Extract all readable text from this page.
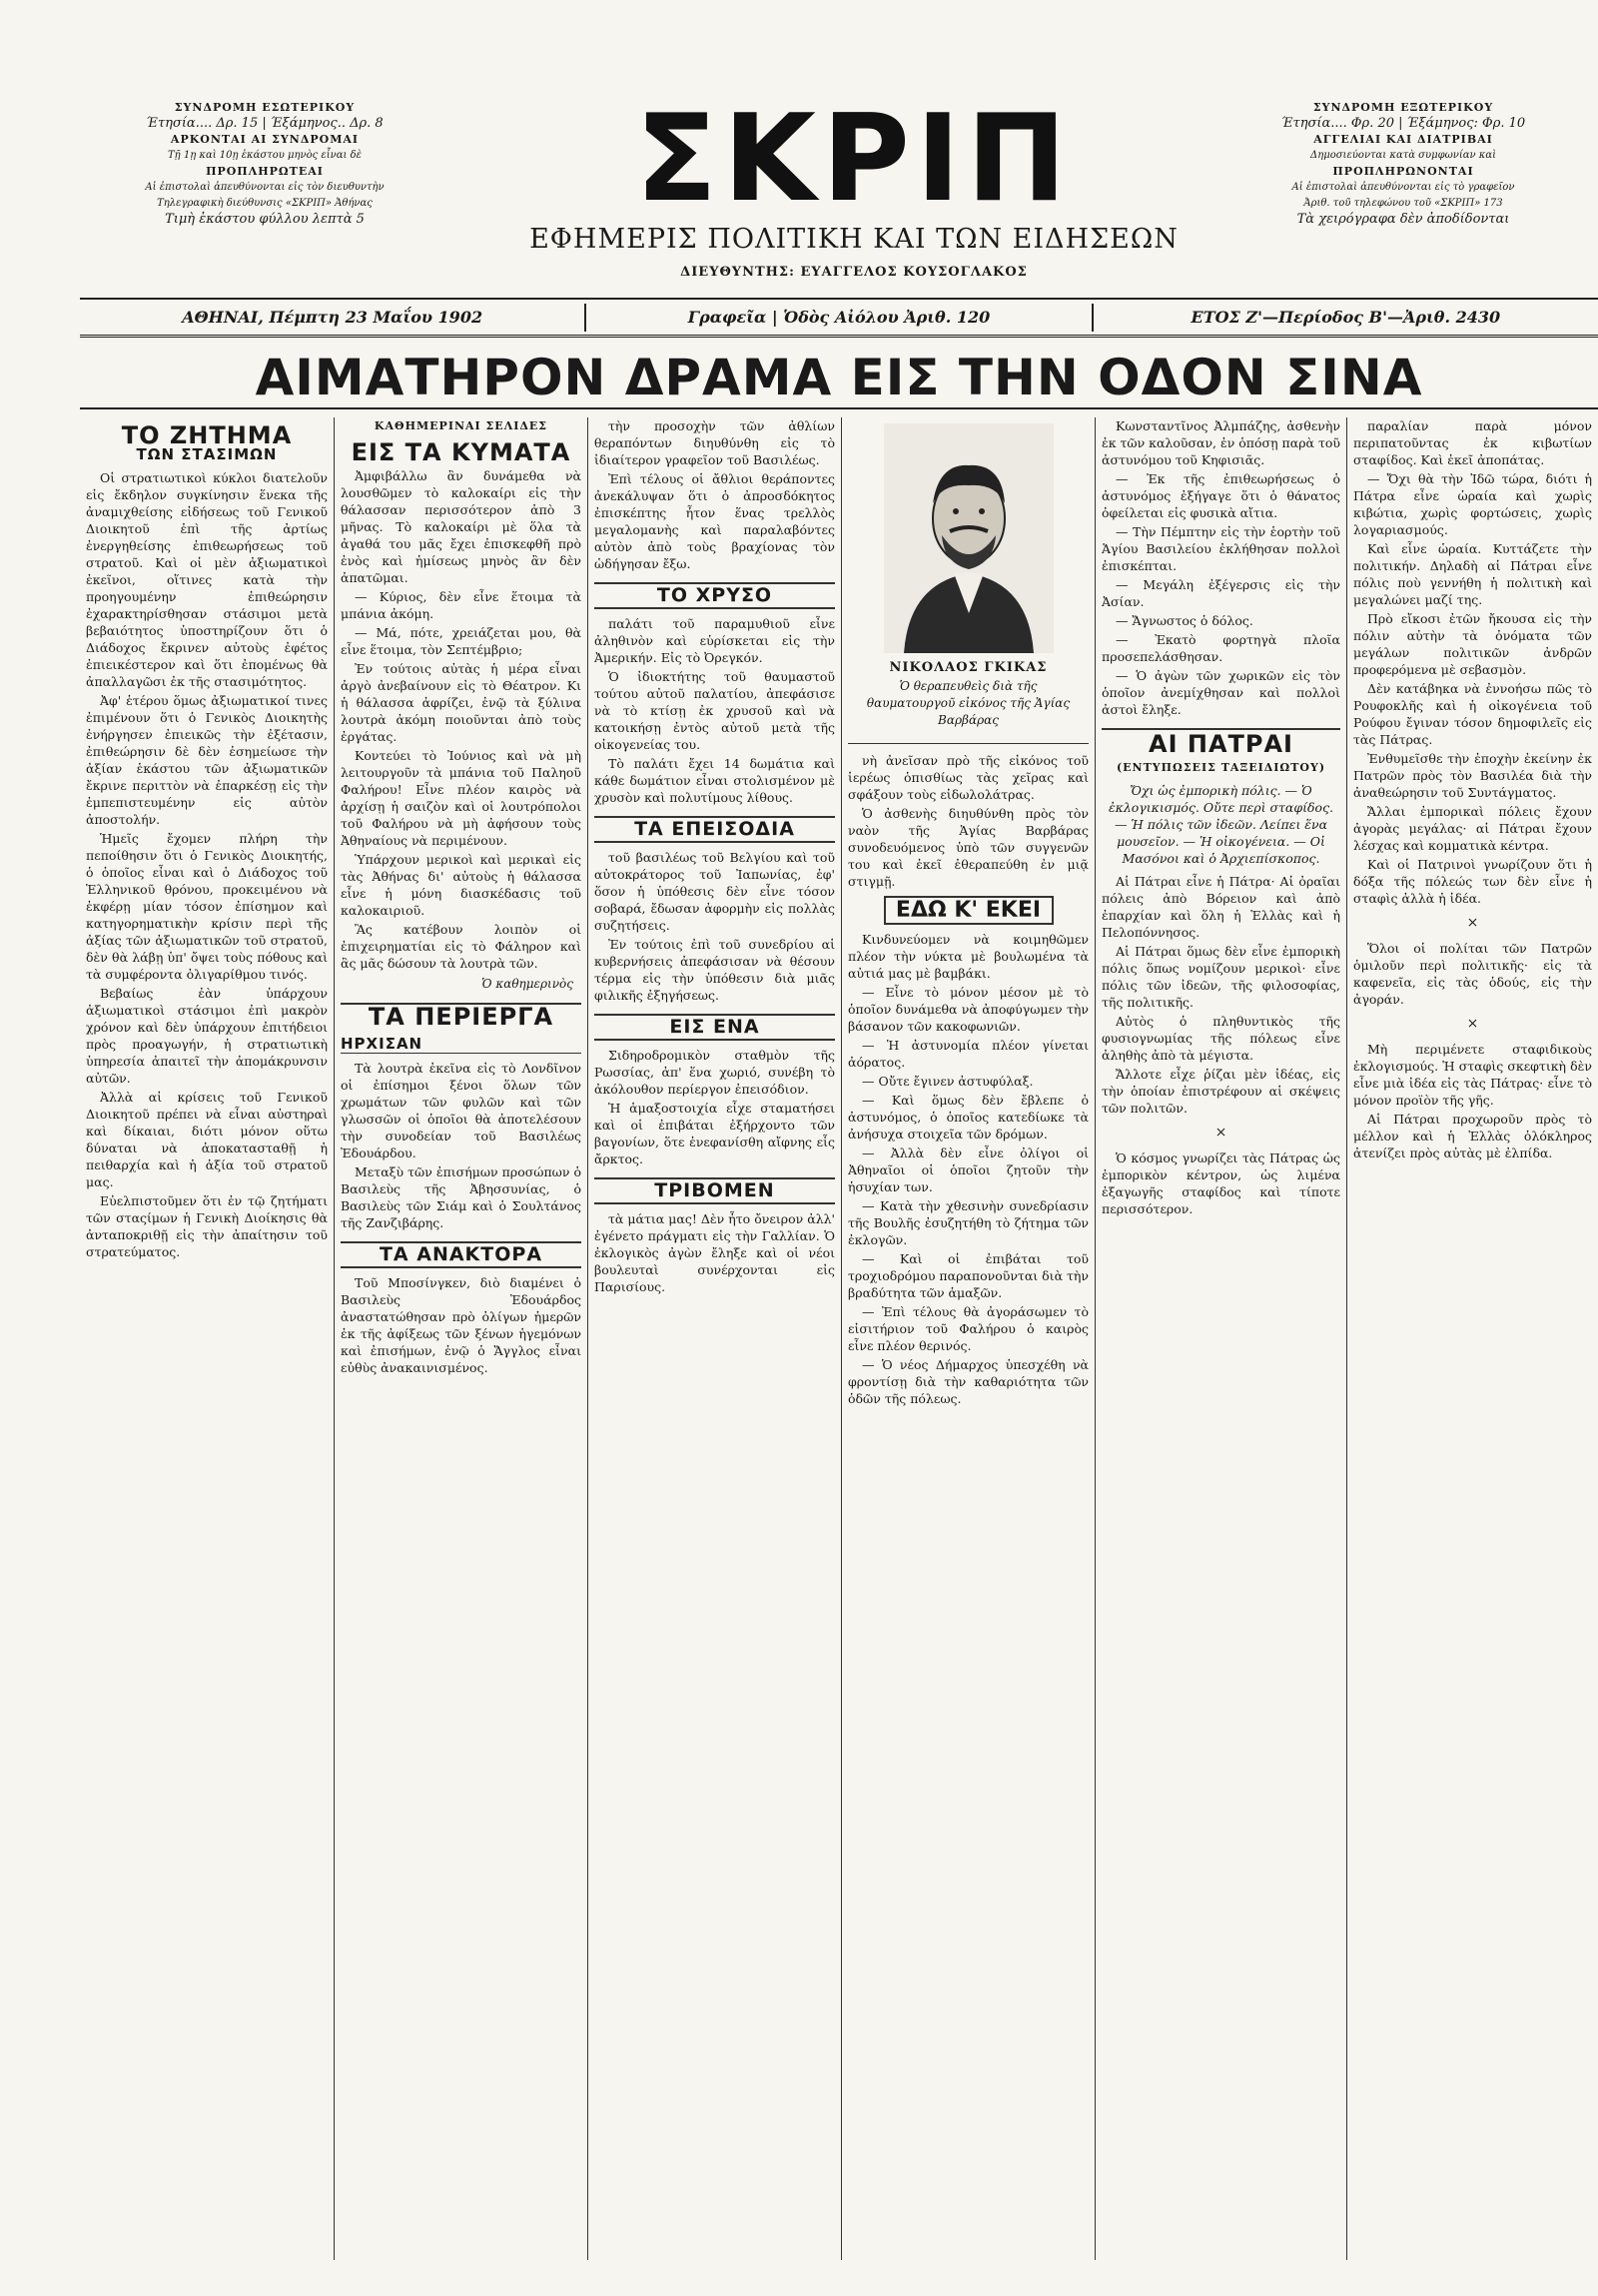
ΣΥΝΔΡΟΜΗ ΕΣΩΤΕΡΙΚΟΥ
Έτησία.... Δρ. 15 | Έξάμηνος.. Δρ. 8
ΑΡΚΟΝΤΑΙ ΑΙ ΣΥΝΔΡΟΜΑΙ
Τῇ 1ῃ καὶ 10ῃ ἑκάστου μηνὸς εἶναι δὲ
ΠΡΟΠΛΗΡΩΤΕΑΙ
Αἱ ἐπιστολαὶ ἀπευθύνονται εἰς τὸν διευθυντὴν
Τηλεγραφικὴ διεύθυνσις «ΣΚΡΙΠ» Ἀθήνας
Τιμὴ ἑκάστου φύλλου λεπτὰ 5	ΣΚΡΙΠ
ΕΦΗΜΕΡΙΣ ΠΟΛΙΤΙΚΗ ΚΑΙ ΤΩΝ ΕΙΔΗΣΕΩΝ
ΔΙΕΥΘΥΝΤΗΣ: ΕΥΑΓΓΕΛΟΣ ΚΟΥΣΟΓΛΑΚΟΣ
ΣΥΝΔΡΟΜΗ ΕΞΩΤΕΡΙΚΟΥ
Έτησία.... Φρ. 20 | Έξάμηνος: Φρ. 10
ΑΓΓΕΛΙΑΙ ΚΑΙ ΔΙΑΤΡΙΒΑΙ
Δημοσιεύονται κατὰ συμφωνίαν καὶ
ΠΡΟΠΛΗΡΩΝΟΝΤΑΙ
Αἱ ἐπιστολαὶ ἀπευθύνονται εἰς τὸ γραφεῖον
Ἀριθ. τοῦ τηλεφώνου τοῦ «ΣΚΡΙΠ» 173
Τὰ χειρόγραφα δὲν ἀποδίδονται
ΑΘΗΝΑΙ, Πέμπτη 23 Μαΐου 1902	Γραφεῖα | Ὁδὸς Αἰόλου Ἀριθ. 120	ΕΤΟΣ Ζ'—Περίοδος Β'—Ἀριθ. 2430
ΑΙΜΑΤΗΡΟΝ ΔΡΑΜΑ ΕΙΣ ΤΗΝ ΟΔΟΝ ΣΙΝΑ
ΤΟ ΖΗΤΗΜΑ
ΤΩΝ ΣΤΑΣΙΜΩΝ

Οἱ στρατιωτικοὶ κύκλοι διατελοῦν εἰς ἔκδηλον συγκίνησιν ἕνεκα τῆς ἀναμιχθείσης εἰδήσεως τοῦ Γενικοῦ Διοικητοῦ ἐπὶ τῆς ἀρτίως ἐνεργηθείσης ἐπιθεωρήσεως τοῦ στρατοῦ. Καὶ οἱ μὲν ἀξιωματικοὶ ἐκεῖνοι, οἵτινες κατὰ τὴν προηγουμένην ἐπιθεώρησιν ἐχαρακτηρίσθησαν στάσιμοι μετὰ βεβαιότητος ὑποστηρίζουν ὅτι ὁ Διάδοχος ἔκρινεν αὐτοὺς ἐφέτος ἐπιεικέστερον καὶ ὅτι ἐπομένως θὰ ἀπαλλαγῶσι ἐκ τῆς στασιμότητος.

Ἀφ' ἑτέρου ὅμως ἀξιωματικοί τινες ἐπιμένουν ὅτι ὁ Γενικὸς Διοικητὴς ἐνήργησεν ἐπιεικῶς τὴν ἐξέτασιν, ἐπιθεώρησιν δὲ δὲν ἐσημείωσε τὴν ἀξίαν ἑκάστου τῶν ἀξιωματικῶν ἔκρινε περιττὸν νὰ ἐπαρκέσῃ εἰς τὴν ἐμπεπιστευμένην εἰς αὐτὸν ἀποστολήν.

Ἡμεῖς ἔχομεν πλήρη τὴν πεποίθησιν ὅτι ὁ Γενικὸς Διοικητής, ὁ ὁποῖος εἶναι καὶ ὁ Διάδοχος τοῦ Ἑλληνικοῦ θρόνου, προκειμένου νὰ ἐκφέρῃ μίαν τόσον ἐπίσημον καὶ κατηγορηματικὴν κρίσιν περὶ τῆς ἀξίας τῶν ἀξιωματικῶν τοῦ στρατοῦ, δὲν θὰ λάβῃ ὑπ' ὄψει τοὺς πόθους καὶ τὰ συμφέροντα ὀλιγαρίθμου τινός.

Βεβαίως ἐὰν ὑπάρχουν ἀξιωματικοὶ στάσιμοι ἐπὶ μακρὸν χρόνον καὶ δὲν ὑπάρχουν ἐπιτήδειοι πρὸς προαγωγήν, ἡ στρατιωτικὴ ὑπηρεσία ἀπαιτεῖ τὴν ἀπομάκρυνσιν αὐτῶν.

Ἀλλὰ αἱ κρίσεις τοῦ Γενικοῦ Διοικητοῦ πρέπει νὰ εἶναι αὐστηραὶ καὶ δίκαιαι, διότι μόνον οὕτω δύναται νὰ ἀποκατασταθῇ ἡ πειθαρχία καὶ ἡ ἀξία τοῦ στρατοῦ μας.

Εὐελπιστοῦμεν ὅτι ἐν τῷ ζητήματι τῶν σταςίμων ἡ Γενικὴ Διοίκησις θὰ ἀνταποκριθῇ εἰς τὴν ἀπαίτησιν τοῦ στρατεύματος.

ΚΑΘΗΜΕΡΙΝΑΙ ΣΕΛΙΔΕΣ
ΕΙΣ ΤΑ ΚΥΜΑΤΑ

Ἀμφιβάλλω ἂν δυνάμεθα νὰ λουσθῶμεν τὸ καλοκαίρι εἰς τὴν θάλασσαν περισσότερον ἀπὸ 3 μῆνας. Τὸ καλοκαίρι μὲ ὅλα τὰ ἀγαθά του μᾶς ἔχει ἐπισκεφθῆ πρὸ ἐνὸς καὶ ἡμίσεως μηνὸς ἂν δὲν ἀπατῶμαι.

— Κύριος, δὲν εἶνε ἕτοιμα τὰ μπάνια ἀκόμη.

— Μά, πότε, χρειάζεται μου, θὰ εἶνε ἕτοιμα, τὸν Σεπτέμβριο;

Ἐν τούτοις αὐτὰς ἡ μέρα εἶναι ἀργὸ ἀνεβαίνουν εἰς τὸ Θέατρον. Κι ἡ θάλασσα ἀφρίζει, ἐνῷ τὰ ξύλινα λουτρὰ ἀκόμη ποιοῦνται ἀπὸ τοὺς ἐργάτας.

Κοντεύει τὸ Ἰούνιος καὶ νὰ μὴ λειτουργοῦν τὰ μπάνια τοῦ Παληοῦ Φαλήρου! Εἶνε πλέον καιρὸς νὰ ἀρχίσῃ ἡ σαιζὸν καὶ οἱ λουτρόπολοι τοῦ Φαλήρου νὰ μὴ ἀφήσουν τοὺς Ἀθηναίους νὰ περιμένουν.

Ὑπάρχουν μερικοὶ καὶ μερικαὶ εἰς τὰς Ἀθήνας δι' αὐτοὺς ἡ θάλασσα εἶνε ἡ μόνη διασκέδασις τοῦ καλοκαιριοῦ.

Ἂς κατέβουν λοιπὸν οἱ ἐπιχειρηματίαι εἰς τὸ Φάληρον καὶ ἂς μᾶς δώσουν τὰ λουτρὰ τῶν.

Ὁ καθημερινὸς
ΤΑ ΠΕΡΙΕΡΓΑ
ΗΡΧΙΣΑΝ

Τὰ λουτρὰ ἐκεῖνα εἰς τὸ Λονδῖνον οἱ ἐπίσημοι ξένοι ὅλων τῶν χρωμάτων τῶν φυλῶν καὶ τῶν γλωσσῶν οἱ ὁποῖοι θὰ ἀποτελέσουν τὴν συνοδείαν τοῦ Βασιλέως Ἐδουάρδου.

Μεταξὺ τῶν ἐπισήμων προσώπων ὁ Βασιλεὺς τῆς Ἀβησσυνίας, ὁ Βασιλεὺς τῶν Σιάμ καὶ ὁ Σουλτάνος τῆς Ζανζιβάρης.

ΤΑ ΑΝΑΚΤΟΡΑ

Τοῦ Μποσίνγκεν, διὸ διαμένει ὁ Βασιλεὺς Ἐδουάρδος ἀναστατώθησαν πρὸ ὀλίγων ἡμερῶν ἐκ τῆς ἀφίξεως τῶν ξένων ἡγεμόνων καὶ ἐπισήμων, ἐνῷ ὁ Ἄγγλος εἶναι εὐθὺς ἀνακαινισμένος.

τὴν προσοχὴν τῶν ἀθλίων θεραπόντων διηυθύνθη εἰς τὸ ἰδιαίτερον γραφεῖον τοῦ Βασιλέως.

Ἐπὶ τέλους οἱ ἄθλιοι θεράποντες ἀνεκάλυψαν ὅτι ὁ ἀπροσδόκητος ἐπισκέπτης ἦτον ἕνας τρελλὸς μεγαλομανὴς καὶ παραλαβόντες αὐτὸν ἀπὸ τοὺς βραχίονας τὸν ὡδήγησαν ἔξω.

ΤΟ ΧΡΥΣΟ

παλάτι τοῦ παραμυθιοῦ εἶνε ἀληθινὸν καὶ εὑρίσκεται εἰς τὴν Ἀμερικήν. Εἰς τὸ Ὀρεγκόν.

Ὁ ἰδιοκτήτης τοῦ θαυμαστοῦ τούτου αὐτοῦ παλατίου, ἀπεφάσισε νὰ τὸ κτίσῃ ἐκ χρυσοῦ καὶ νὰ κατοικήσῃ ἐντὸς αὐτοῦ μετὰ τῆς οἰκογενείας του.

Τὸ παλάτι ἔχει 14 δωμάτια καὶ κάθε δωμάτιον εἶναι στολισμένον μὲ χρυσὸν καὶ πολυτίμους λίθους.

ΤΑ ΕΠΕΙΣΟΔΙΑ

τοῦ βασιλέως τοῦ Βελγίου καὶ τοῦ αὐτοκράτορος τοῦ Ἰαπωνίας, ἐφ' ὅσον ἡ ὑπόθεσις δὲν εἶνε τόσον σοβαρά, ἔδωσαν ἀφορμὴν εἰς πολλὰς συζητήσεις.

Ἐν τούτοις ἐπὶ τοῦ συνεδρίου αἱ κυβερνήσεις ἀπεφάσισαν νὰ θέσουν τέρμα εἰς τὴν ὑπόθεσιν διὰ μιᾶς φιλικῆς ἐξηγήσεως.

ΕΙΣ ΕΝΑ

Σιδηροδρομικὸν σταθμὸν τῆς Ρωσσίας, ἀπ' ἕνα χωριό, συνέβη τὸ ἀκόλουθον περίεργον ἐπεισόδιον.

Ἡ ἁμαξοστοιχία εἶχε σταματήσει καὶ οἱ ἐπιβάται ἐξήρχοντο τῶν βαγονίων, ὅτε ἐνεφανίσθη αἴφνης εἷς ἄρκτος.

ΤΡΙΒΟΜΕΝ

τὰ μάτια μας! Δὲν ἦτο ὄνειρον ἀλλ' ἐγένετο πράγματι εἰς τὴν Γαλλίαν. Ὁ ἐκλογικὸς ἀγὼν ἔληξε καὶ οἱ νέοι βουλευταὶ συνέρχονται εἰς Παρισίους.

ΝΙΚΟΛΑΟΣ ΓΚΙΚΑΣ
Ὁ θεραπευθεὶς διὰ τῆς θαυματουργοῦ εἰκόνος τῆς Ἁγίας Βαρβάρας

νὴ ἀνεῖσαν πρὸ τῆς εἰκόνος τοῦ ἱερέως ὁπισθίως τὰς χεῖρας καὶ σφάξουν τοὺς εἰδωλολάτρας.

Ὁ ἀσθενὴς διηυθύνθη πρὸς τὸν ναὸν τῆς Ἁγίας Βαρβάρας συνοδευόμενος ὑπὸ τῶν συγγενῶν του καὶ ἐκεῖ ἐθεραπεύθη ἐν μιᾷ στιγμῇ.

ΕΔΩ Κ' ΕΚΕΙ

Κινδυνεύομεν νὰ κοιμηθῶμεν πλέον τὴν νύκτα μὲ βουλωμένα τὰ αὐτιά μας μὲ βαμβάκι.

— Εἶνε τὸ μόνον μέσον μὲ τὸ ὁποῖον δυνάμεθα νὰ ἀποφύγωμεν τὴν βάσανον τῶν κακοφωνιῶν.

— Ἡ ἀστυνομία πλέον γίνεται ἀόρατος.

— Οὔτε ἔγινεν ἀστυφύλαξ.

— Καὶ ὅμως δὲν ἔβλεπε ὁ ἀστυνόμος, ὁ ὁποῖος κατεδίωκε τὰ ἀνήσυχα στοιχεῖα τῶν δρόμων.

— Ἀλλὰ δὲν εἶνε ὀλίγοι οἱ Ἀθηναῖοι οἱ ὁποῖοι ζητοῦν τὴν ἡσυχίαν των.

— Κατὰ τὴν χθεσινὴν συνεδρίασιν τῆς Βουλῆς ἐσυζητήθη τὸ ζήτημα τῶν ἐκλογῶν.

— Καὶ οἱ ἐπιβάται τοῦ τροχιοδρόμου παραπονοῦνται διὰ τὴν βραδύτητα τῶν ἁμαξῶν.

— Ἐπὶ τέλους θὰ ἀγοράσωμεν τὸ εἰσιτήριον τοῦ Φαλήρου ὁ καιρὸς εἶνε πλέον θερινός.

— Ὁ νέος Δήμαρχος ὑπεσχέθη νὰ φροντίσῃ διὰ τὴν καθαριότητα τῶν ὁδῶν τῆς πόλεως.

Κωνσταντῖνος Ἀλμπάζης, ἀσθενὴν ἐκ τῶν καλοῦσαν, ἐν ὁπόσῃ παρὰ τοῦ ἀστυνόμου τοῦ Κηφισιᾶς.

— Ἐκ τῆς ἐπιθεωρήσεως ὁ ἀστυνόμος ἐξήγαγε ὅτι ὁ θάνατος ὀφείλεται εἰς φυσικὰ αἴτια.

— Τὴν Πέμπτην εἰς τὴν ἑορτὴν τοῦ Ἁγίου Βασιλείου ἐκλήθησαν πολλοὶ ἐπισκέπται.

— Μεγάλη ἐξέγερσις εἰς τὴν Ἀσίαν.

— Ἄγνωστος ὁ δόλος.

— Ἐκατὸ φορτηγὰ πλοῖα προσεπελάσθησαν.

— Ὁ ἀγὼν τῶν χωρικῶν εἰς τὸν ὁποῖον ἀνεμίχθησαν καὶ πολλοὶ ἀστοὶ ἔληξε.

ΑΙ ΠΑΤΡΑΙ
(ΕΝΤΥΠΩΣΕΙΣ ΤΑΞΕΙΔΙΩΤΟΥ)

Ὄχι ὡς ἐμπορικὴ πόλις. — Ὁ ἐκλογικισμός. Οὔτε περὶ σταφίδος. — Ἡ πόλις τῶν ἰδεῶν. Λείπει ἕνα μουσεῖον. — Ἡ οἰκογένεια. — Οἱ Μασόνοι καὶ ὁ Ἀρχιεπίσκοπος.

Αἱ Πάτραι εἶνε ἡ Πάτρα· Αἱ ὀραῖαι πόλεις ἀπὸ Βόρειον καὶ ἀπὸ ἐπαρχίαν καὶ ὅλη ἡ Ἑλλὰς καὶ ἡ Πελοπόννησος.

Αἱ Πάτραι ὅμως δὲν εἶνε ἐμπορικὴ πόλις ὅπως νομίζουν μερικοὶ· εἶνε πόλις τῶν ἰδεῶν, τῆς φιλοσοφίας, τῆς πολιτικῆς.

Αὐτὸς ὁ πληθυντικὸς τῆς φυσιογνωμίας τῆς πόλεως εἶνε ἀληθὴς ἀπὸ τὰ μέγιστα.

Ἄλλοτε εἶχε ῥίζαι μὲν ἰδέας, εἰς τὴν ὁποίαν ἐπιστρέφουν αἱ σκέψεις τῶν πολιτῶν.

×

Ὁ κόσμος γνωρίζει τὰς Πάτρας ὡς ἐμπορικὸν κέντρον, ὡς λιμένα ἐξαγωγῆς σταφίδος καὶ τίποτε περισσότερον.

παραλίαν παρὰ μόνον περιπατοῦντας ἐκ κιβωτίων σταφίδος. Καὶ ἐκεῖ ἀποπάτας.

— Ὄχι θὰ τὴν Ἰδῶ τώρα, διότι ἡ Πάτρα εἶνε ὡραία καὶ χωρὶς κιβώτια, χωρὶς φορτώσεις, χωρὶς λογαριασμούς.

Καὶ εἶνε ὡραία. Κυττάζετε τὴν πολιτικήν. Δηλαδὴ αἱ Πάτραι εἶνε πόλις ποὺ γεννήθη ἡ πολιτικὴ καὶ μεγαλώνει μαζί της.

Πρὸ εἴκοσι ἐτῶν ἤκουσα εἰς τὴν πόλιν αὐτὴν τὰ ὀνόματα τῶν μεγάλων πολιτικῶν ἀνδρῶν προφερόμενα μὲ σεβασμὸν.

Δὲν κατάβηκα νὰ ἐννοήσω πῶς τὸ Ρουφοκλῆς καὶ ἡ οἰκογένεια τοῦ Ρούφου ἔγιναν τόσον δημοφιλεῖς εἰς τὰς Πάτρας.

Ἐνθυμεῖσθε τὴν ἐποχὴν ἐκείνην ἐκ Πατρῶν πρὸς τὸν Βασιλέα διὰ τὴν ἀναθεώρησιν τοῦ Συντάγματος.

Ἄλλαι ἐμπορικαὶ πόλεις ἔχουν ἀγορὰς μεγάλας· αἱ Πάτραι ἔχουν λέσχας καὶ κομματικὰ κέντρα.

Καὶ οἱ Πατρινοὶ γνωρίζουν ὅτι ἡ δόξα τῆς πόλεώς των δὲν εἶνε ἡ σταφὶς ἀλλὰ ἡ ἰδέα.

×

Ὅλοι οἱ πολίται τῶν Πατρῶν ὁμιλοῦν περὶ πολιτικῆς· εἰς τὰ καφενεῖα, εἰς τὰς ὁδούς, εἰς τὴν ἀγοράν.

×

Μὴ περιμένετε σταφιδικοὺς ἐκλογισμούς. Ἡ σταφὶς σκεφτικὴ δὲν εἶνε μιὰ ἰδέα εἰς τὰς Πάτρας· εἶνε τὸ μόνον προϊὸν τῆς γῆς.

Αἱ Πάτραι προχωροῦν πρὸς τὸ μέλλον καὶ ἡ Ἑλλὰς ὁλόκληρος ἀτενίζει πρὸς αὐτὰς μὲ ἐλπίδα.
